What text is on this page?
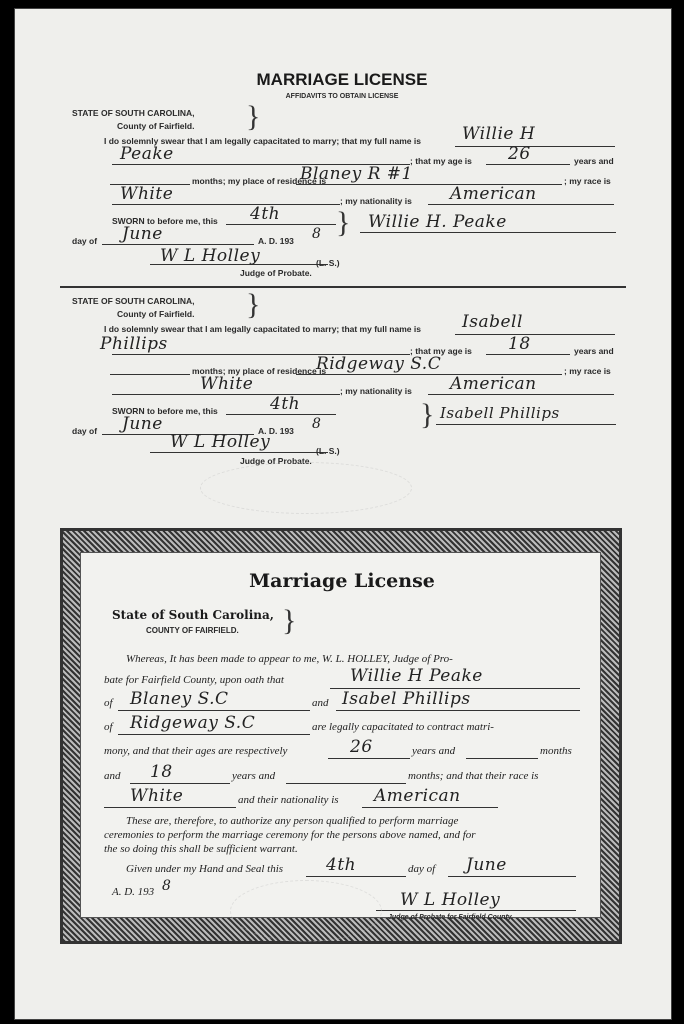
MARRIAGE LICENSE
AFFIDAVITS TO OBTAIN LICENSE
STATE OF SOUTH CAROLINA,
County of Fairfield. }
I do solemnly swear that I am legally capacitated to marry; that my full name is Willie H
Peake	; that my age is 26	years and
months; my place of residence is
Blaney R #1	; my race is
White	; my nationality is American
SWORN to before me, this 4th } Willie H. Peake
day of June	A. D. 193 8
W L Holley	(L. S.)
Judge of Probate.
STATE OF SOUTH CAROLINA,
County of Fairfield. }
I do solemnly swear that I am legally capacitated to marry; that my full name is Isabell
Phillips	; that my age is 18	years and
months; my place of residence is
Ridgeway S.C	; my race is
White	; my nationality is American
SWORN to before me, this	4th	} Isabell Phillips
day of June	A. D. 193 8
W L Holley	(L. S.)
Judge of Probate.
Marriage License
State of South Carolina,
COUNTY OF FAIRFIELD. }
Whereas, It has been made to appear to me, W. L. HOLLEY, Judge of Pro-
bate for Fairfield County, upon oath that	Willie H Peake
of Blaney S.C	and Isabel Phillips
of Ridgeway S.C	are legally capacitated to contract matri-
mony, and that their ages are respectively	26	years and	months
and 18	years and	months; and that their race is
White	and their nationality is American
These are, therefore, to authorize any person qualified to perform marriage
ceremonies to perform the marriage ceremony for the persons above named, and for
the so doing this shall be sufficient warrant.
Given under my Hand and Seal this	4th	day of June
A. D. 193 8
W L Holley
Judge of Probate for Fairfield County.
